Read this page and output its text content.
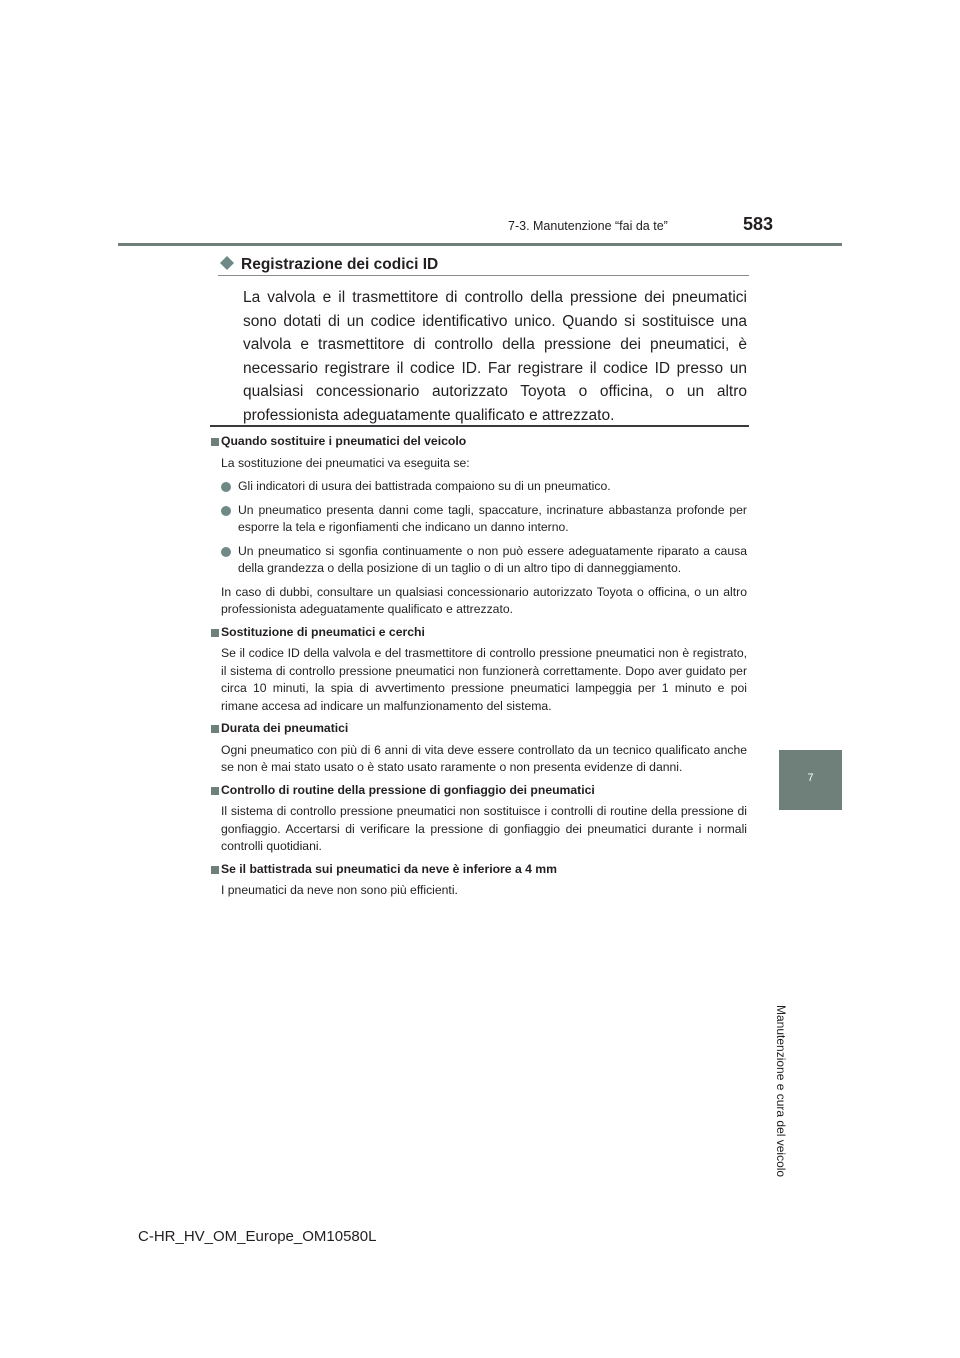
7-3. Manutenzione “fai da te”	583
7
Manutenzione e cura del veicolo
Registrazione dei codici ID
La valvola e il trasmettitore di controllo della pressione dei pneumatici sono dotati di un codice identificativo unico. Quando si sostituisce una valvola e trasmettitore di controllo della pressione dei pneumatici, è necessario registrare il codice ID. Far registrare il codice ID presso un qualsiasi concessionario autorizzato Toyota o officina, o un altro professionista adeguatamente qualificato e attrezzato.
Quando sostituire i pneumatici del veicolo
La sostituzione dei pneumatici va eseguita se:
Gli indicatori di usura dei battistrada compaiono su di un pneumatico.
Un pneumatico presenta danni come tagli, spaccature, incrinature abbastanza profonde per esporre la tela e rigonfiamenti che indicano un danno interno.
Un pneumatico si sgonfia continuamente o non può essere adeguatamente riparato a causa della grandezza o della posizione di un taglio o di un altro tipo di danneggiamento.
In caso di dubbi, consultare un qualsiasi concessionario autorizzato Toyota o officina, o un altro professionista adeguatamente qualificato e attrezzato.
Sostituzione di pneumatici e cerchi
Se il codice ID della valvola e del trasmettitore di controllo pressione pneumatici non è registrato, il sistema di controllo pressione pneumatici non funzionerà correttamente. Dopo aver guidato per circa 10 minuti, la spia di avvertimento pressione pneumatici lampeggia per 1 minuto e poi rimane accesa ad indicare un malfunzionamento del sistema.
Durata dei pneumatici
Ogni pneumatico con più di 6 anni di vita deve essere controllato da un tecnico qualificato anche se non è mai stato usato o è stato usato raramente o non presenta evidenze di danni.
Controllo di routine della pressione di gonfiaggio dei pneumatici
Il sistema di controllo pressione pneumatici non sostituisce i controlli di routine della pressione di gonfiaggio. Accertarsi di verificare la pressione di gonfiaggio dei pneumatici durante i normali controlli quotidiani.
Se il battistrada sui pneumatici da neve è inferiore a 4 mm
I pneumatici da neve non sono più efficienti.
C-HR_HV_OM_Europe_OM10580L
